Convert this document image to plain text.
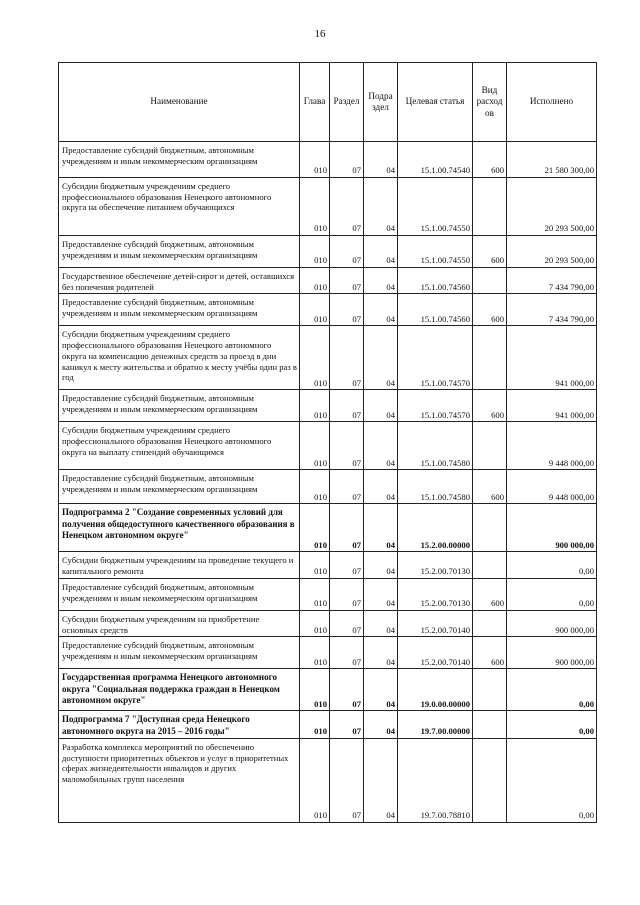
16
Наименование	Глава	Раздел	Подра здел	Целевая статья	Вид расход ов	Исполнено
Предоставление субсидий бюджетным, автономным учреждениям и иным некоммерческим организациям	010	07	04	15.1.00.74540	600	21 580 300,00
Субсидии бюджетным учреждениям среднего профессионального образования Ненецкого автономного округа на обеспечение питанием обучающихся	010	07	04	15.1.00.74550		20 293 500,00
Предоставление субсидий бюджетным, автономным учреждениям и иным некоммерческим организациям	010	07	04	15.1.00.74550	600	20 293 500,00
Государственное обеспечение детей-сирот и детей, оставшихся без попечения родителей	010	07	04	15.1.00.74560		7 434 790,00
Предоставление субсидий бюджетным, автономным учреждениям и иным некоммерческим организациям	010	07	04	15.1.00.74560	600	7 434 790,00
Субсидии бюджетным учреждениям среднего профессионального образования Ненецкого автономного округа на компенсацию денежных средств за проезд в дни каникул к месту жительства и обратно к месту учёбы один раз в год	010	07	04	15.1.00.74570		941 000,00
Предоставление субсидий бюджетным, автономным учреждениям и иным некоммерческим организациям	010	07	04	15.1.00.74570	600	941 000,00
Субсидии бюджетным учреждениям среднего профессионального образования Ненецкого автономного округа на выплату стипендий обучающимся	010	07	04	15.1.00.74580		9 448 000,00
Предоставление субсидий бюджетным, автономным учреждениям и иным некоммерческим организациям	010	07	04	15.1.00.74580	600	9 448 000,00
Подпрограмма 2 "Создание современных условий для получения общедоступного качественного образования в Ненецком автономном округе"	010	07	04	15.2.00.00000		900 000,00
Субсидии бюджетным учреждениям на проведение текущего и капитального ремонта	010	07	04	15.2.00.70130		0,00
Предоставление субсидий бюджетным, автономным учреждениям и иным некоммерческим организациям	010	07	04	15.2.00.70130	600	0,00
Субсидии бюджетным учреждениям на приобретение основных средств	010	07	04	15.2.00.70140		900 000,00
Предоставление субсидий бюджетным, автономным учреждениям и иным некоммерческим организациям	010	07	04	15.2.00.70140	600	900 000,00
Государственная программа Ненецкого автономного округа "Социальная поддержка граждан в Ненецком автономном округе"	010	07	04	19.0.00.00000		0,00
Подпрограмма 7 "Доступная среда Ненецкого автономного округа на 2015 – 2016 годы"	010	07	04	19.7.00.00000		0,00
Разработка комплекса мероприятий по обеспечению доступности приоритетных объектов и услуг в приоритетных сферах жизнедеятельности инвалидов и других маломобильных групп населения	010	07	04	19.7.00.78810		0,00
